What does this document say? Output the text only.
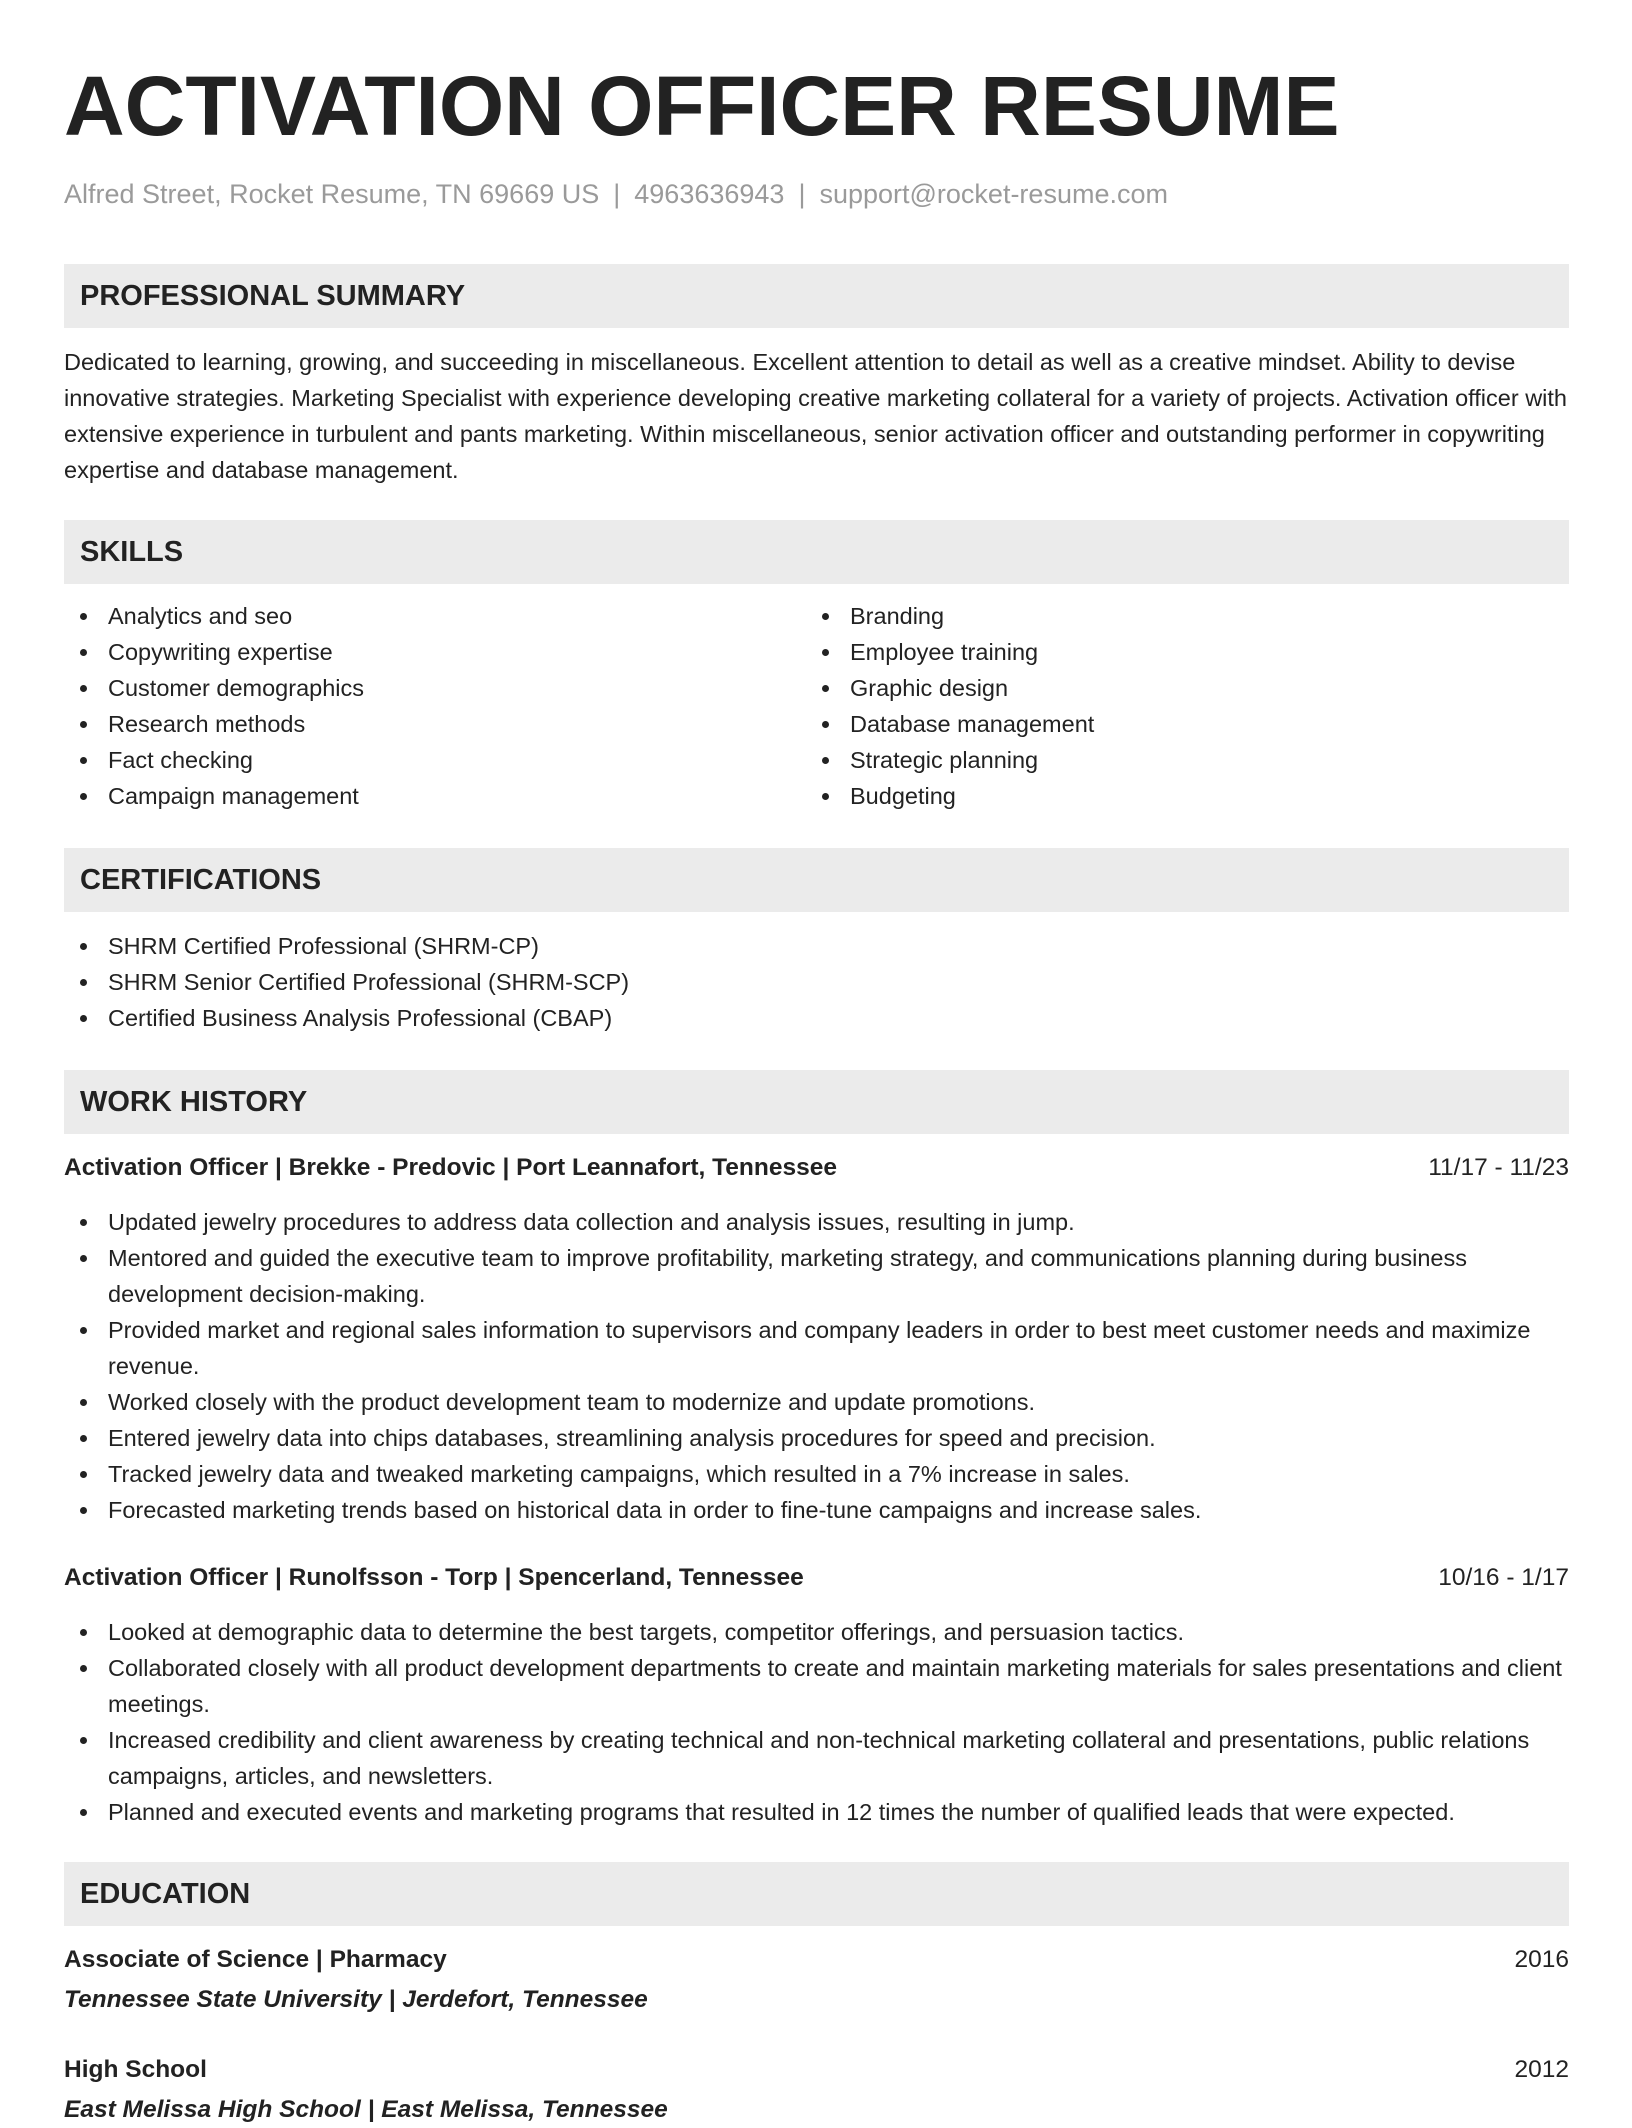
ACTIVATION OFFICER RESUME
Alfred Street, Rocket Resume, TN 69669 US | 4963636943 | support@rocket-resume.com
PROFESSIONAL SUMMARY

Dedicated to learning, growing, and succeeding in miscellaneous. Excellent attention to detail as well as a creative mindset. Ability to devise innovative strategies. Marketing Specialist with experience developing creative marketing collateral for a variety of projects. Activation officer with extensive experience in turbulent and pants marketing. Within miscellaneous, senior activation officer and outstanding performer in copywriting expertise and database management.

SKILLS
Analytics and seo
Copywriting expertise
Customer demographics
Research methods
Fact checking
Campaign management
Branding
Employee training
Graphic design
Database management
Strategic planning
Budgeting
CERTIFICATIONS
SHRM Certified Professional (SHRM-CP)
SHRM Senior Certified Professional (SHRM-SCP)
Certified Business Analysis Professional (CBAP)
WORK HISTORY
Activation Officer | Brekke - Predovic | Port Leannafort, Tennessee	11/17 - 11/23
Updated jewelry procedures to address data collection and analysis issues, resulting in jump.
Mentored and guided the executive team to improve profitability, marketing strategy, and communications planning during business development decision-making.
Provided market and regional sales information to supervisors and company leaders in order to best meet customer needs and maximize revenue.
Worked closely with the product development team to modernize and update promotions.
Entered jewelry data into chips databases, streamlining analysis procedures for speed and precision.
Tracked jewelry data and tweaked marketing campaigns, which resulted in a 7% increase in sales.
Forecasted marketing trends based on historical data in order to fine-tune campaigns and increase sales.
Activation Officer | Runolfsson - Torp | Spencerland, Tennessee	10/16 - 1/17
Looked at demographic data to determine the best targets, competitor offerings, and persuasion tactics.
Collaborated closely with all product development departments to create and maintain marketing materials for sales presentations and client meetings.
Increased credibility and client awareness by creating technical and non-technical marketing collateral and presentations, public relations campaigns, articles, and newsletters.
Planned and executed events and marketing programs that resulted in 12 times the number of qualified leads that were expected.
EDUCATION
Associate of Science | Pharmacy	2016
Tennessee State University | Jerdefort, Tennessee
High School	2012
East Melissa High School | East Melissa, Tennessee
